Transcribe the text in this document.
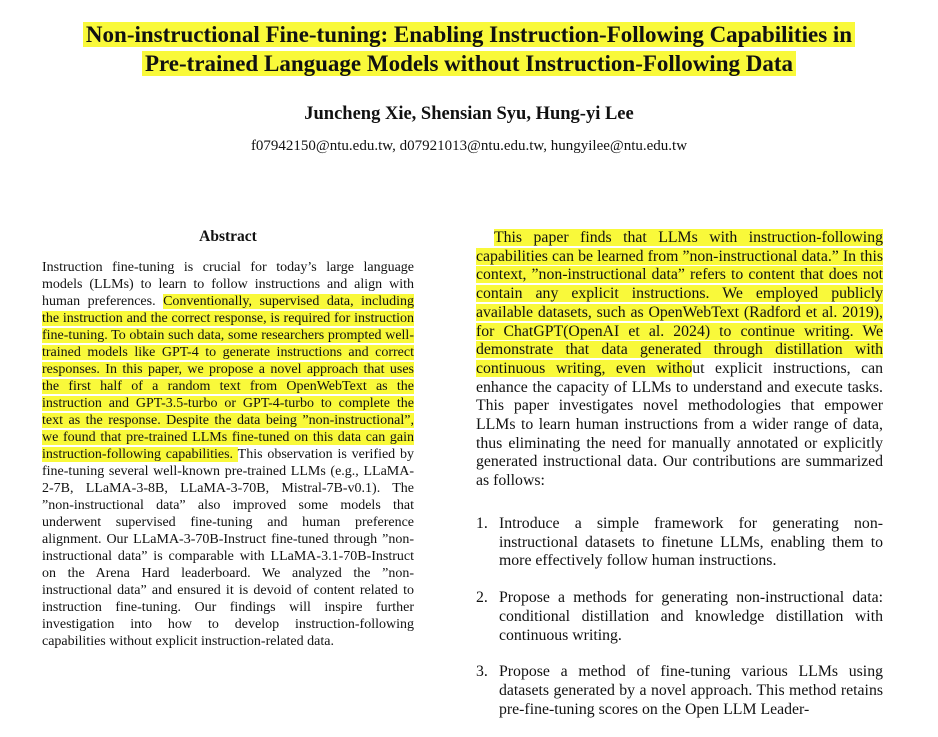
Non-instructional Fine-tuning: Enabling Instruction-Following Capabilities in
Pre-trained Language Models without Instruction-Following Data
Juncheng Xie, Shensian Syu, Hung-yi Lee
f07942150@ntu.edu.tw, d07921013@ntu.edu.tw, hungyilee@ntu.edu.tw
Abstract
Instruction fine-tuning is crucial for today’s large language models (LLMs) to learn to follow instructions and align with human preferences. Conventionally, supervised data, including the instruction and the correct response, is required for instruction fine-tuning. To obtain such data, some researchers prompted well-trained models like GPT-4 to generate instructions and correct responses. In this paper, we propose a novel approach that uses the first half of a random text from OpenWebText as the instruction and GPT-3.5-turbo or GPT-4-turbo to complete the text as the response. Despite the data being ”non-instructional”, we found that pre-trained LLMs fine-tuned on this data can gain instruction-following capabilities. This observation is verified by fine-tuning several well-known pre-trained LLMs (e.g., LLaMA-2-7B, LLaMA-3-8B, LLaMA-3-70B, Mistral-7B-v0.1). The ”non-instructional data” also improved some models that underwent supervised fine-tuning and human preference alignment. Our LLaMA-3-70B-Instruct fine-tuned through ”non-instructional data” is comparable with LLaMA-3.1-70B-Instruct on the Arena Hard leaderboard. We analyzed the ”non-instructional data” and ensured it is devoid of content related to instruction fine-tuning. Our findings will inspire further investigation into how to develop instruction-following capabilities without explicit instruction-related data.
This paper finds that LLMs with instruction-following capabilities can be learned from ”non-instructional data.” In this context, ”non-instructional data” refers to content that does not contain any explicit instructions. We employed publicly available datasets, such as OpenWebText (Radford et al. 2019), for ChatGPT(OpenAI et al. 2024) to continue writing. We demonstrate that data generated through distillation with continuous writing, even without explicit instructions, can enhance the capacity of LLMs to understand and execute tasks. This paper investigates novel methodologies that empower LLMs to learn human instructions from a wider range of data, thus eliminating the need for manually annotated or explicitly generated instructional data. Our contributions are summarized as follows:
1. Introduce a simple framework for generating non-instructional datasets to finetune LLMs, enabling them to more effectively follow human instructions.
2. Propose a methods for generating non-instructional data: conditional distillation and knowledge distillation with continuous writing.
3. Propose a method of fine-tuning various LLMs using datasets generated by a novel approach. This method retains pre-fine-tuning scores on the Open LLM Leader-
